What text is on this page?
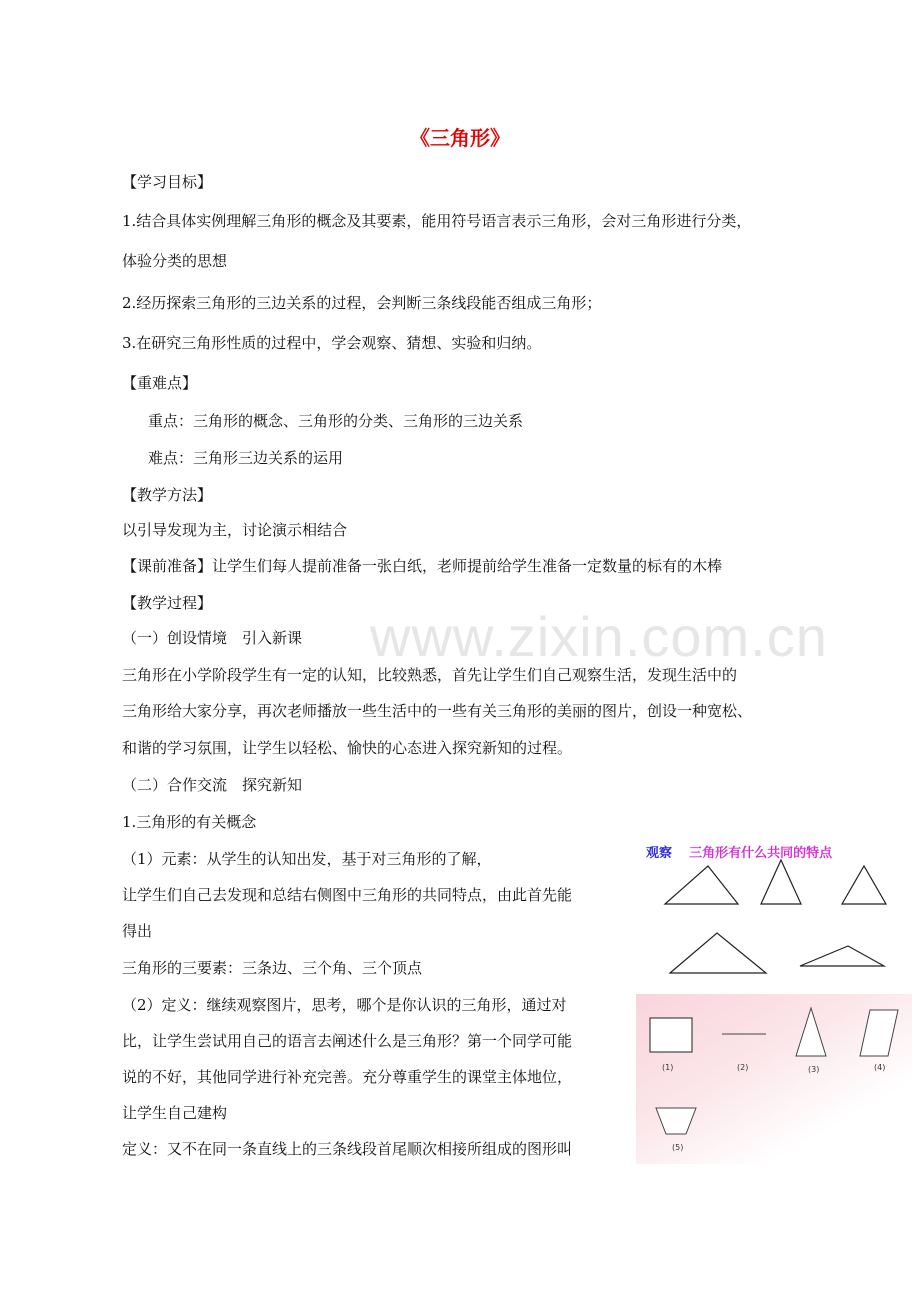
《三角形》
【学习目标】
1.结合具体实例理解三角形的概念及其要素，能用符号语言表示三角形，会对三角形进行分类，
体验分类的思想
2.经历探索三角形的三边关系的过程，会判断三条线段能否组成三角形；
3.在研究三角形性质的过程中，学会观察、猜想、实验和归纳。
【重难点】
重点：三角形的概念、三角形的分类、三角形的三边关系
难点：三角形三边关系的运用
【教学方法】
以引导发现为主，讨论演示相结合
【课前准备】让学生们每人提前准备一张白纸，老师提前给学生准备一定数量的标有的木棒
【教学过程】
www.zixin.com.cn
（一）创设情境　引入新课
三角形在小学阶段学生有一定的认知，比较熟悉，首先让学生们自己观察生活，发现生活中的
三角形给大家分享，再次老师播放一些生活中的一些有关三角形的美丽的图片，创设一种宽松、
和谐的学习氛围，让学生以轻松、愉快的心态进入探究新知的过程。
（二）合作交流　探究新知
1.三角形的有关概念
（1）元素：从学生的认知出发，基于对三角形的了解，
让学生们自己去发现和总结右侧图中三角形的共同特点，由此首先能
得出
三角形的三要素：三条边、三个角、三个顶点
（2）定义：继续观察图片，思考，哪个是你认识的三角形，通过对
比，让学生尝试用自己的语言去阐述什么是三角形？第一个同学可能
说的不好，其他同学进行补充完善。充分尊重学生的课堂主体地位，
让学生自己建构
定义：又不在同一条直线上的三条线段首尾顺次相接所组成的图形叫
观察 三角形有什么共同的特点
(1)	(2)	(3)	(4)
(5)
